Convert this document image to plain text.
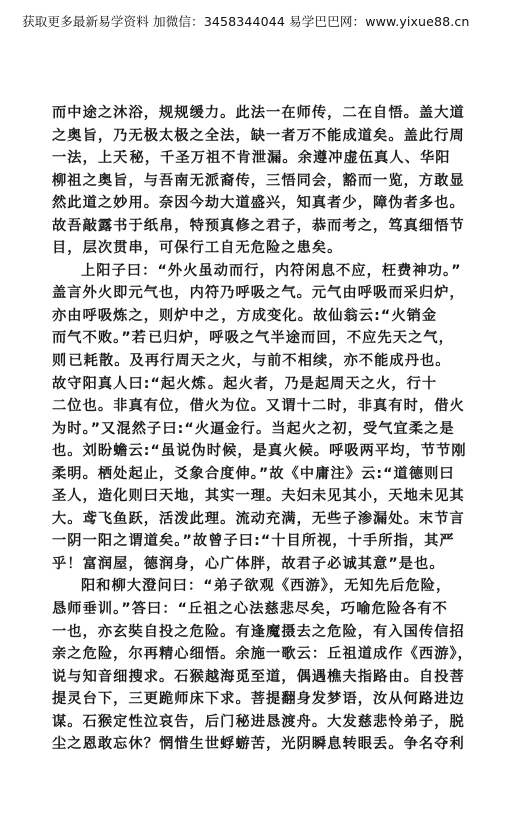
获取更多最新易学资料 加微信：3458344044 易学巴巴网：www.yixue88.cn
而中途之沐浴，规规缓力。此法一在师传，二在自悟。盖大道
之奥旨，乃无极太极之全法，缺一者万不能成道矣。盖此行周
一法，上天່秘，千圣万祖不肯泄漏。余遵冲虚伍真人、华阳
柳祖之奥旨，与吾南无派裔传，三悟同会，豁而一览，方敢显
然此道之妙用。奈因今劫大道盛兴，知真者少，障伪者多也。
故吾敲露书于纸帛，特预真修之君子，恭而考之，笃真细悟节
目，层次贯串，可保行工自无危险之患矣。
上阳子曰：“外火虽动而行，内符闲息不应，枉费神功。”
盖言外火即元气也，内符乃呼吸之气。元气由呼吸而采归炉，
亦由呼吸炼之，则炉中之່，方成变化。故仙翁云:“火销金
而气不败。”若່已归炉，呼吸之气半途而回，不应先天之气，
则່已耗散。及再行周天之火，与前不相续，亦不能成丹也。
故守阳真人曰:“起火炼່。起火者，乃是起周天之火，行十
二位也。非真有位，借火为位。又谓十二时，非真有时，借火
为时。”又混然子曰:“火逼金行。当起火之初，受气宜柔之是
也。刘盼蟾云:“虽说伪时候，是真火候。呼吸两平均，节节刚
柔明。栖处起止，爻象合度伸。”故《中庸注》云:“道德则曰
圣人，造化则曰天地，其实一理。夫妇未见其小，天地未见其
大。鸢飞鱼跃，活泼此理。流动充满，无些子渗漏处。末节言
一阴一阳之谓道矣。”故曾子曰:“十目所视，十手所指，其严
乎！富润屋，德润身，心广体胖，故君子必诚其意”是也。
阳和柳大澄问曰：“弟子欲观《西游》，无知先后危险，
恳师垂训。”答曰：“丘祖之心法慈悲尽矣，巧喻危险各有不
一也，亦玄奘自投之危险。有逢魔摄去之危险，有入国传信招
亲之危险，尔再精心细悟。余施一歌云：丘祖道成作《西游》，
说与知音细搜求。石猴越海觅至道，偶遇樵夫指路由。自投菩
提灵台下，三更跪师床下求。菩提翻身发梦语，汝从何路进边
谋。石猴定性泣哀告，后门秘进恳渡舟。大发慈悲怜弟子，脱
尘之恩敢忘休？惘惜生世蜉蝣苦，光阴瞬息转眼丢。争名夺利
